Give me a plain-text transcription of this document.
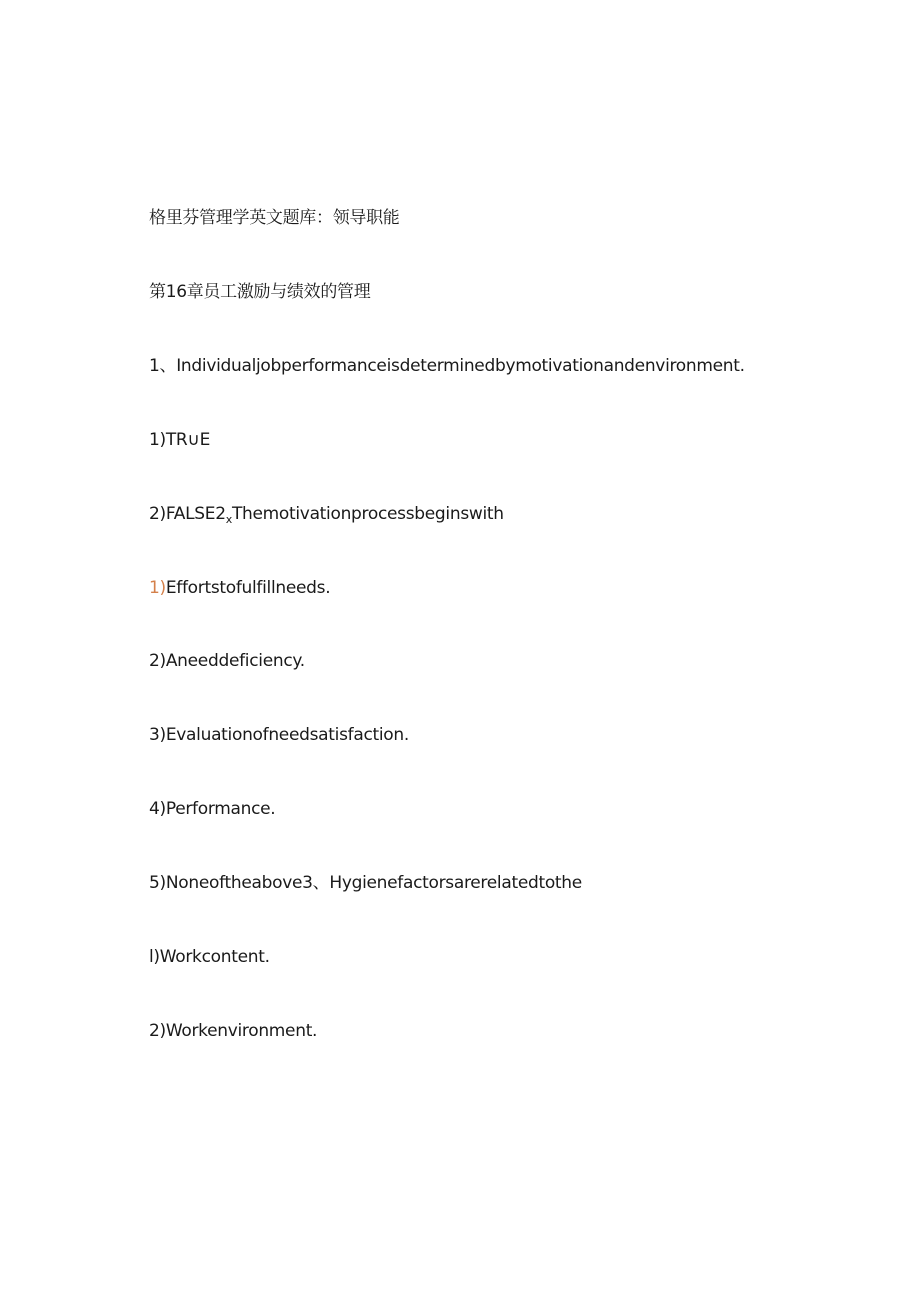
格里芬管理学英文题库：领导职能
第16章员工激励与绩效的管理
1、Individualjobperformanceisdeterminedbymotivationandenvironment.
1)TR∪E
$2)FALSE2_xThemotivationprocessbeginswith$
1)Effortstofulfillneeds.
2)Aneeddeficiency.
3)Evaluationofneedsatisfaction.
4)Performance.
5)Noneoftheabove3、Hygienefactorsarerelatedtothe
l)Workcontent.
2)Workenvironment.
